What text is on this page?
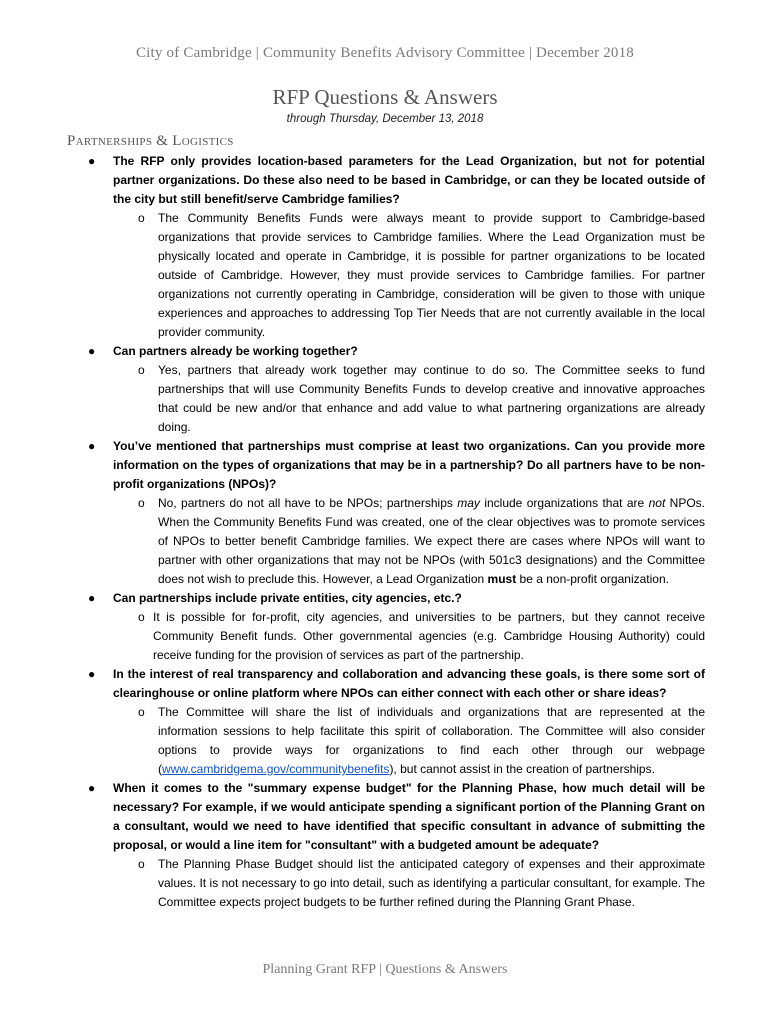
City of Cambridge | Community Benefits Advisory Committee | December 2018
RFP Questions & Answers
through Thursday, December 13, 2018
Partnerships & Logistics
● The RFP only provides location-based parameters for the Lead Organization, but not for potential partner organizations. Do these also need to be based in Cambridge, or can they be located outside of the city but still benefit/serve Cambridge families?
o The Community Benefits Funds were always meant to provide support to Cambridge-based organizations that provide services to Cambridge families. Where the Lead Organization must be physically located and operate in Cambridge, it is possible for partner organizations to be located outside of Cambridge. However, they must provide services to Cambridge families. For partner organizations not currently operating in Cambridge, consideration will be given to those with unique experiences and approaches to addressing Top Tier Needs that are not currently available in the local provider community.
● Can partners already be working together?
o Yes, partners that already work together may continue to do so. The Committee seeks to fund partnerships that will use Community Benefits Funds to develop creative and innovative approaches that could be new and/or that enhance and add value to what partnering organizations are already doing.
● You’ve mentioned that partnerships must comprise at least two organizations. Can you provide more information on the types of organizations that may be in a partnership? Do all partners have to be non-profit organizations (NPOs)?
o No, partners do not all have to be NPOs; partnerships may include organizations that are not NPOs. When the Community Benefits Fund was created, one of the clear objectives was to promote services of NPOs to better benefit Cambridge families. We expect there are cases where NPOs will want to partner with other organizations that may not be NPOs (with 501c3 designations) and the Committee does not wish to preclude this. However, a Lead Organization must be a non-profit organization.
● Can partnerships include private entities, city agencies, etc.?
o It is possible for for-profit, city agencies, and universities to be partners, but they cannot receive Community Benefit funds. Other governmental agencies (e.g. Cambridge Housing Authority) could receive funding for the provision of services as part of the partnership.
● In the interest of real transparency and collaboration and advancing these goals, is there some sort of clearinghouse or online platform where NPOs can either connect with each other or share ideas?
o The Committee will share the list of individuals and organizations that are represented at the information sessions to help facilitate this spirit of collaboration. The Committee will also consider options to provide ways for organizations to find each other through our webpage (www.cambridgema.gov/communitybenefits), but cannot assist in the creation of partnerships.
● When it comes to the "summary expense budget" for the Planning Phase, how much detail will be necessary? For example, if we would anticipate spending a significant portion of the Planning Grant on a consultant, would we need to have identified that specific consultant in advance of submitting the proposal, or would a line item for "consultant" with a budgeted amount be adequate?
o The Planning Phase Budget should list the anticipated category of expenses and their approximate values. It is not necessary to go into detail, such as identifying a particular consultant, for example. The Committee expects project budgets to be further refined during the Planning Grant Phase.
Planning Grant RFP | Questions & Answers
